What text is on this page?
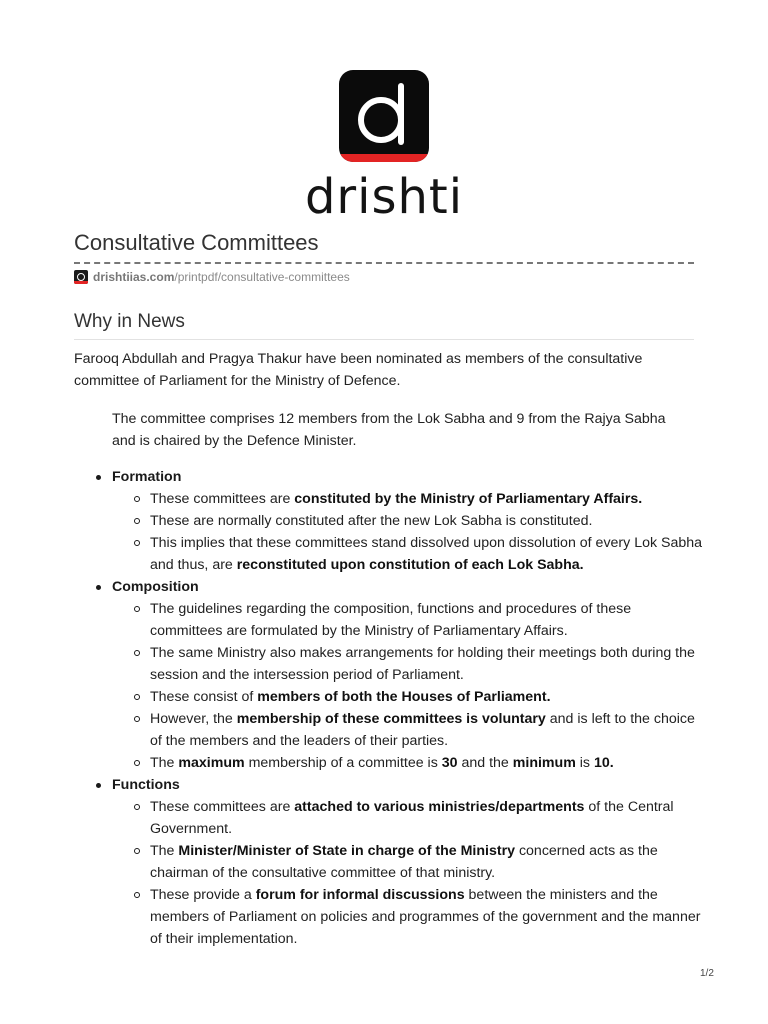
drishti
Consultative Committees
drishtiias.com /printpdf/consultative-committees
Why in News

Farooq Abdullah and Pragya Thakur have been nominated as members of the consultative committee of Parliament for the Ministry of Defence.

The committee comprises 12 members from the Lok Sabha and 9 from the Rajya Sabha and is chaired by the Defence Minister.

Formation
These committees are constituted by the Ministry of Parliamentary Affairs.
These are normally constituted after the new Lok Sabha is constituted.
This implies that these committees stand dissolved upon dissolution of every Lok Sabha and thus, are reconstituted upon constitution of each Lok Sabha.
Composition
The guidelines regarding the composition, functions and procedures of these committees are formulated by the Ministry of Parliamentary Affairs.
The same Ministry also makes arrangements for holding their meetings both during the session and the intersession period of Parliament.
These consist of members of both the Houses of Parliament.
However, the membership of these committees is voluntary and is left to the choice of the members and the leaders of their parties.
The maximum membership of a committee is 30 and the minimum is 10.
Functions
These committees are attached to various ministries/departments of the Central Government.
The Minister/Minister of State in charge of the Ministry concerned acts as the chairman of the consultative committee of that ministry.
These provide a forum for informal discussions between the ministers and the members of Parliament on policies and programmes of the government and the manner of their implementation.
1/2
